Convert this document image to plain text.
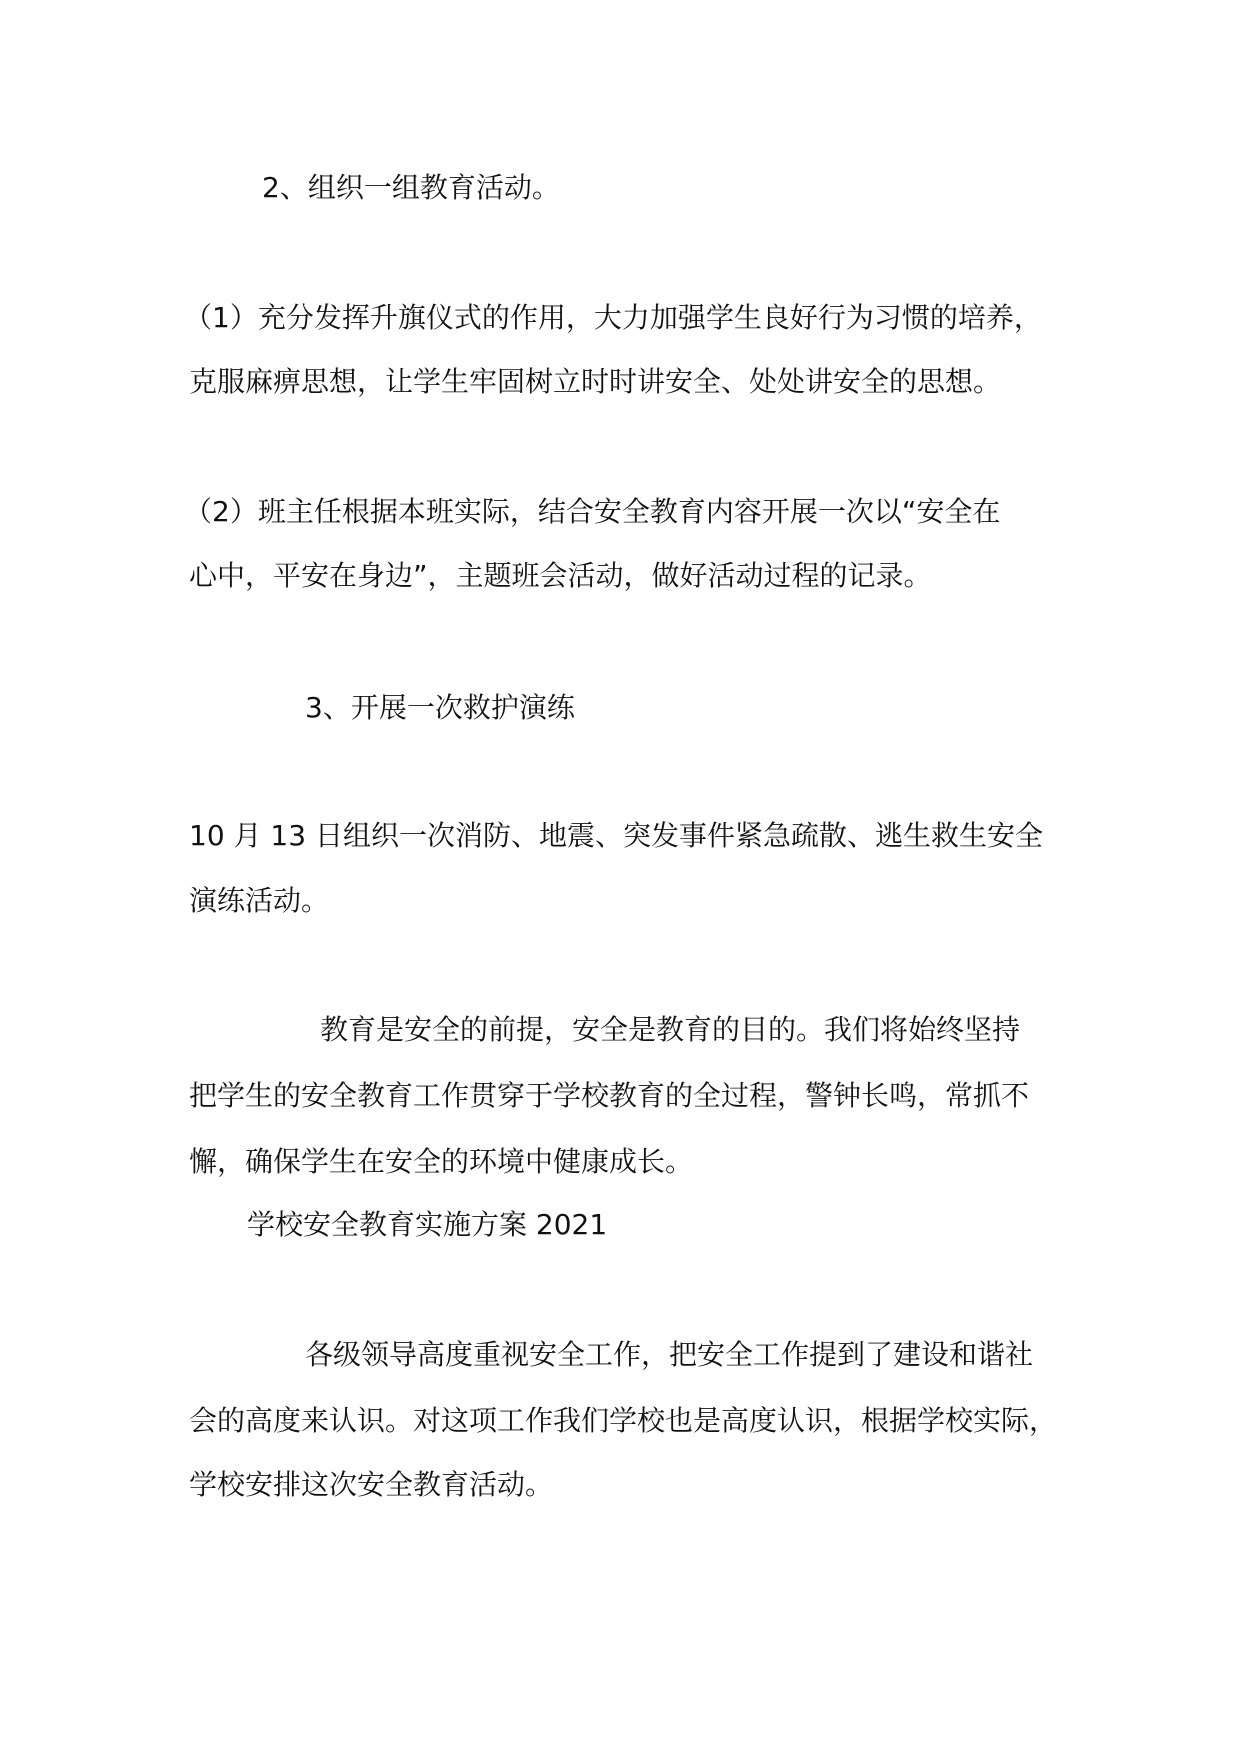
2、组织一组教育活动。
（1）充分发挥升旗仪式的作用，大力加强学生良好行为习惯的培养，
克服麻痹思想，让学生牢固树立时时讲安全、处处讲安全的思想。
（2）班主任根据本班实际，结合安全教育内容开展一次以“安全在
心中，平安在身边”，主题班会活动，做好活动过程的记录。
3、开展一次救护演练
10 月 13 日组织一次消防、地震、突发事件紧急疏散、逃生救生安全
演练活动。
教育是安全的前提，安全是教育的目的。我们将始终坚持
把学生的安全教育工作贯穿于学校教育的全过程，警钟长鸣，常抓不
懈，确保学生在安全的环境中健康成长。
学校安全教育实施方案 2021
各级领导高度重视安全工作，把安全工作提到了建设和谐社
会的高度来认识。对这项工作我们学校也是高度认识，根据学校实际，
学校安排这次安全教育活动。
